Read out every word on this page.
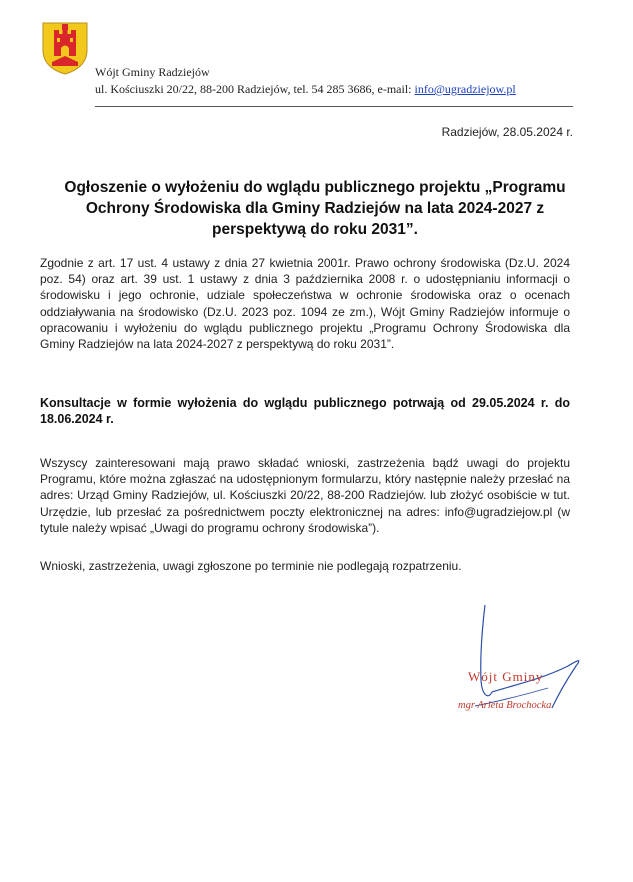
Wójt Gminy Radziejów
ul. Kościuszki 20/22, 88-200 Radziejów, tel. 54 285 3686, e-mail: info@ugradziejow.pl
Radziejów, 28.05.2024 r.
Ogłoszenie o wyłożeniu do wglądu publicznego projektu „Programu Ochrony Środowiska dla Gminy Radziejów na lata 2024-2027 z perspektywą do roku 2031”.
Zgodnie z art. 17 ust. 4 ustawy z dnia 27 kwietnia 2001r. Prawo ochrony środowiska (Dz.U. 2024 poz. 54) oraz art. 39 ust. 1 ustawy z dnia 3 października 2008 r. o udostępnianiu informacji o środowisku i jego ochronie, udziale społeczeństwa w ochronie środowiska oraz o ocenach oddziaływania na środowisko (Dz.U. 2023 poz. 1094 ze zm.), Wójt Gminy Radziejów informuje o opracowaniu i wyłożeniu do wglądu publicznego projektu „Programu Ochrony Środowiska dla Gminy Radziejów na lata 2024-2027 z perspektywą do roku 2031”.
Konsultacje w formie wyłożenia do wglądu publicznego potrwają od 29.05.2024 r. do 18.06.2024 r.
Wszyscy zainteresowani mają prawo składać wnioski, zastrzeżenia bądź uwagi do projektu Programu, które można zgłaszać na udostępnionym formularzu, który następnie należy przesłać na adres: Urząd Gminy Radziejów, ul. Kościuszki 20/22, 88-200 Radziejów. lub złożyć osobiście w tut. Urzędzie, lub przesłać za pośrednictwem poczty elektronicznej na adres: info@ugradziejow.pl (w tytule należy wpisać „Uwagi do programu ochrony środowiska”).
Wnioski, zastrzeżenia, uwagi zgłoszone po terminie nie podlegają rozpatrzeniu.
Wójt Gminy
mgr Arleta Brochocka
